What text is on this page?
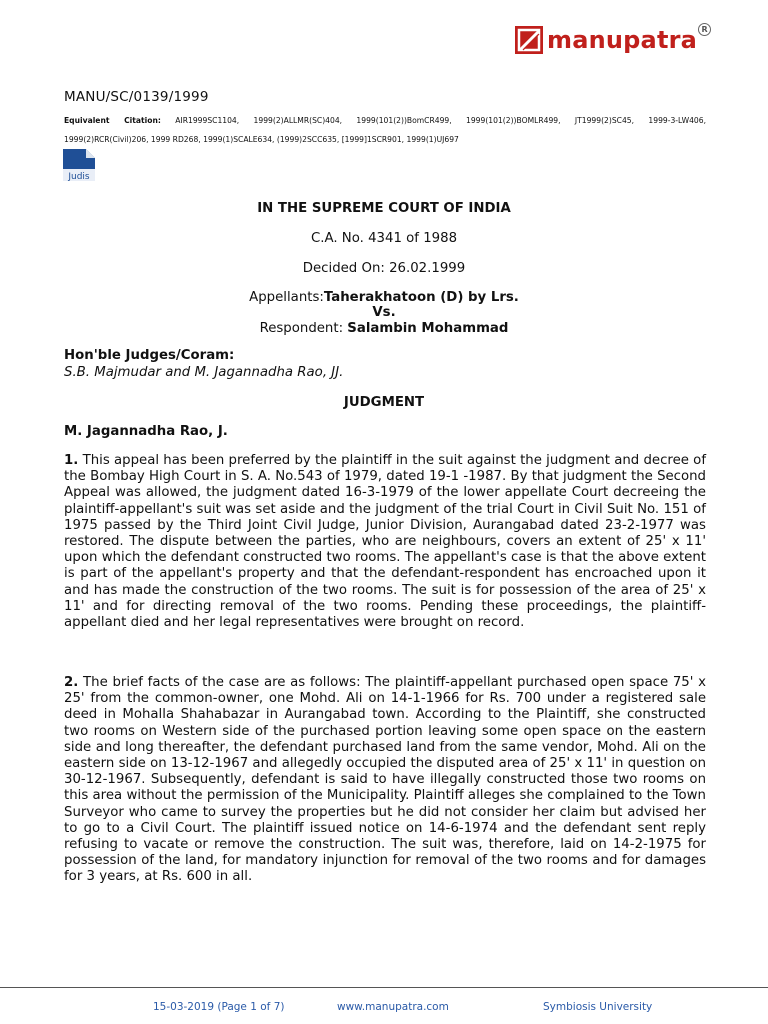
manupatra R
MANU/SC/0139/1999
Equivalent Citation: AIR1999SC1104, 1999(2)ALLMR(SC)404, 1999(101(2))BomCR499, 1999(101(2))BOMLR499, JT1999(2)SC45, 1999-3-LW406, 1999(2)RCR(Civil)206, 1999 RD268, 1999(1)SCALE634, (1999)2SCC635, [1999]1SCR901, 1999(1)UJ697
Judis
IN THE SUPREME COURT OF INDIA
C.A. No. 4341 of 1988
Decided On: 26.02.1999
Appellants:Taherakhatoon (D) by Lrs.
Vs.
Respondent: Salambin Mohammad
Hon'ble Judges/Coram:
S.B. Majmudar and M. Jagannadha Rao, JJ.
JUDGMENT
M. Jagannadha Rao, J.

1. This appeal has been preferred by the plaintiff in the suit against the judgment and decree of the Bombay High Court in S. A. No.543 of 1979, dated 19-1 -1987. By that judgment the Second Appeal was allowed, the judgment dated 16-3-1979 of the lower appellate Court decreeing the plaintiff-appellant's suit was set aside and the judgment of the trial Court in Civil Suit No. 151 of 1975 passed by the Third Joint Civil Judge, Junior Division, Aurangabad dated 23-2-1977 was restored. The dispute between the parties, who are neighbours, covers an extent of 25' x 11' upon which the defendant constructed two rooms. The appellant's case is that the above extent is part of the appellant's property and that the defendant-respondent has encroached upon it and has made the construction of the two rooms. The suit is for possession of the area of 25' x 11' and for directing removal of the two rooms. Pending these proceedings, the plaintiff-appellant died and her legal representatives were brought on record.

2. The brief facts of the case are as follows: The plaintiff-appellant purchased open space 75' x 25' from the common-owner, one Mohd. Ali on 14-1-1966 for Rs. 700 under a registered sale deed in Mohalla Shahabazar in Aurangabad town. According to the Plaintiff, she constructed two rooms on Western side of the purchased portion leaving some open space on the eastern side and long thereafter, the defendant purchased land from the same vendor, Mohd. Ali on the eastern side on 13-12-1967 and allegedly occupied the disputed area of 25' x 11' in question on 30-12-1967. Subsequently, defendant is said to have illegally constructed those two rooms on this area without the permission of the Municipality. Plaintiff alleges she complained to the Town Surveyor who came to survey the properties but he did not consider her claim but advised her to go to a Civil Court. The plaintiff issued notice on 14-6-1974 and the defendant sent reply refusing to vacate or remove the construction. The suit was, therefore, laid on 14-2-1975 for possession of the land, for mandatory injunction for removal of the two rooms and for damages for 3 years, at Rs. 600 in all.

15-03-2019 (Page 1 of 7)	www.manupatra.com	Symbiosis University
